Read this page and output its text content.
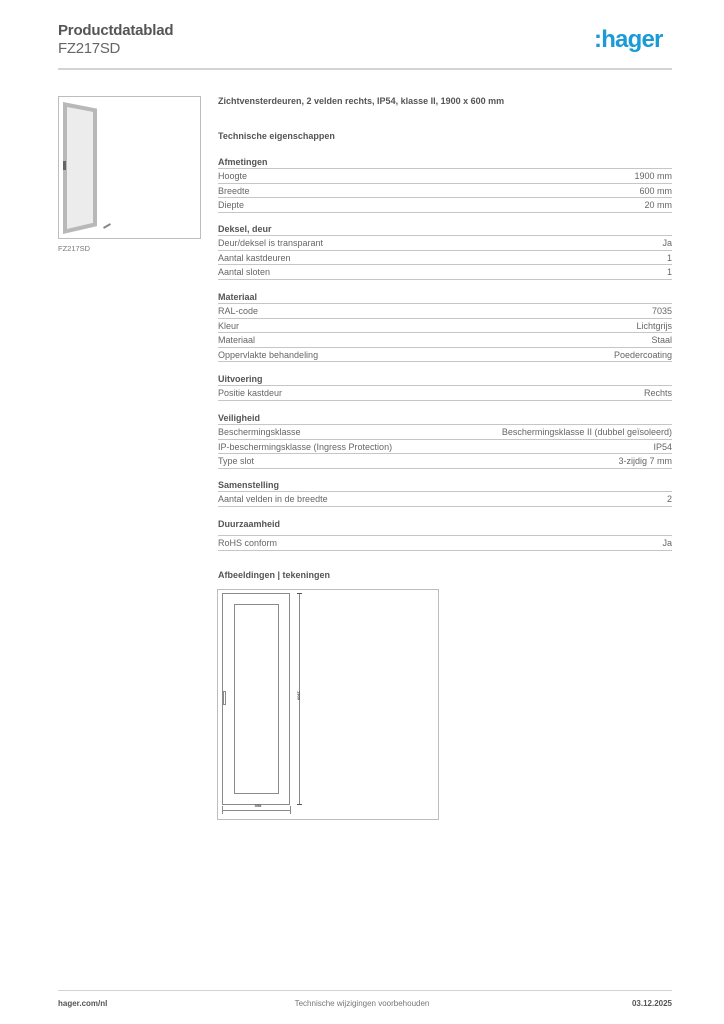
Productdatablad
FZ217SD	:hager
FZ217SD
Zichtvensterdeuren, 2 velden rechts, IP54, klasse II, 1900 x 600 mm
Technische eigenschappen
Afmetingen
Hoogte	1900 mm
Breedte	600 mm
Diepte	20 mm
Deksel, deur
Deur/deksel is transparant	Ja
Aantal kastdeuren	1
Aantal sloten	1
Materiaal
RAL-code	7035
Kleur	Lichtgrijs
Materiaal	Staal
Oppervlakte behandeling	Poedercoating
Uitvoering
Positie kastdeur	Rechts
Veiligheid
Beschermingsklasse	Beschermingsklasse II (dubbel geïsoleerd)
IP-beschermingsklasse (Ingress Protection)	IP54
Type slot	3-zijdig 7 mm
Samenstelling
Aantal velden in de breedte	2
Duurzaamheid
RoHS conform	Ja
Afbeeldingen | tekeningen
1900
598
hager.com/nl	Technische wijzigingen voorbehouden	03.12.2025
